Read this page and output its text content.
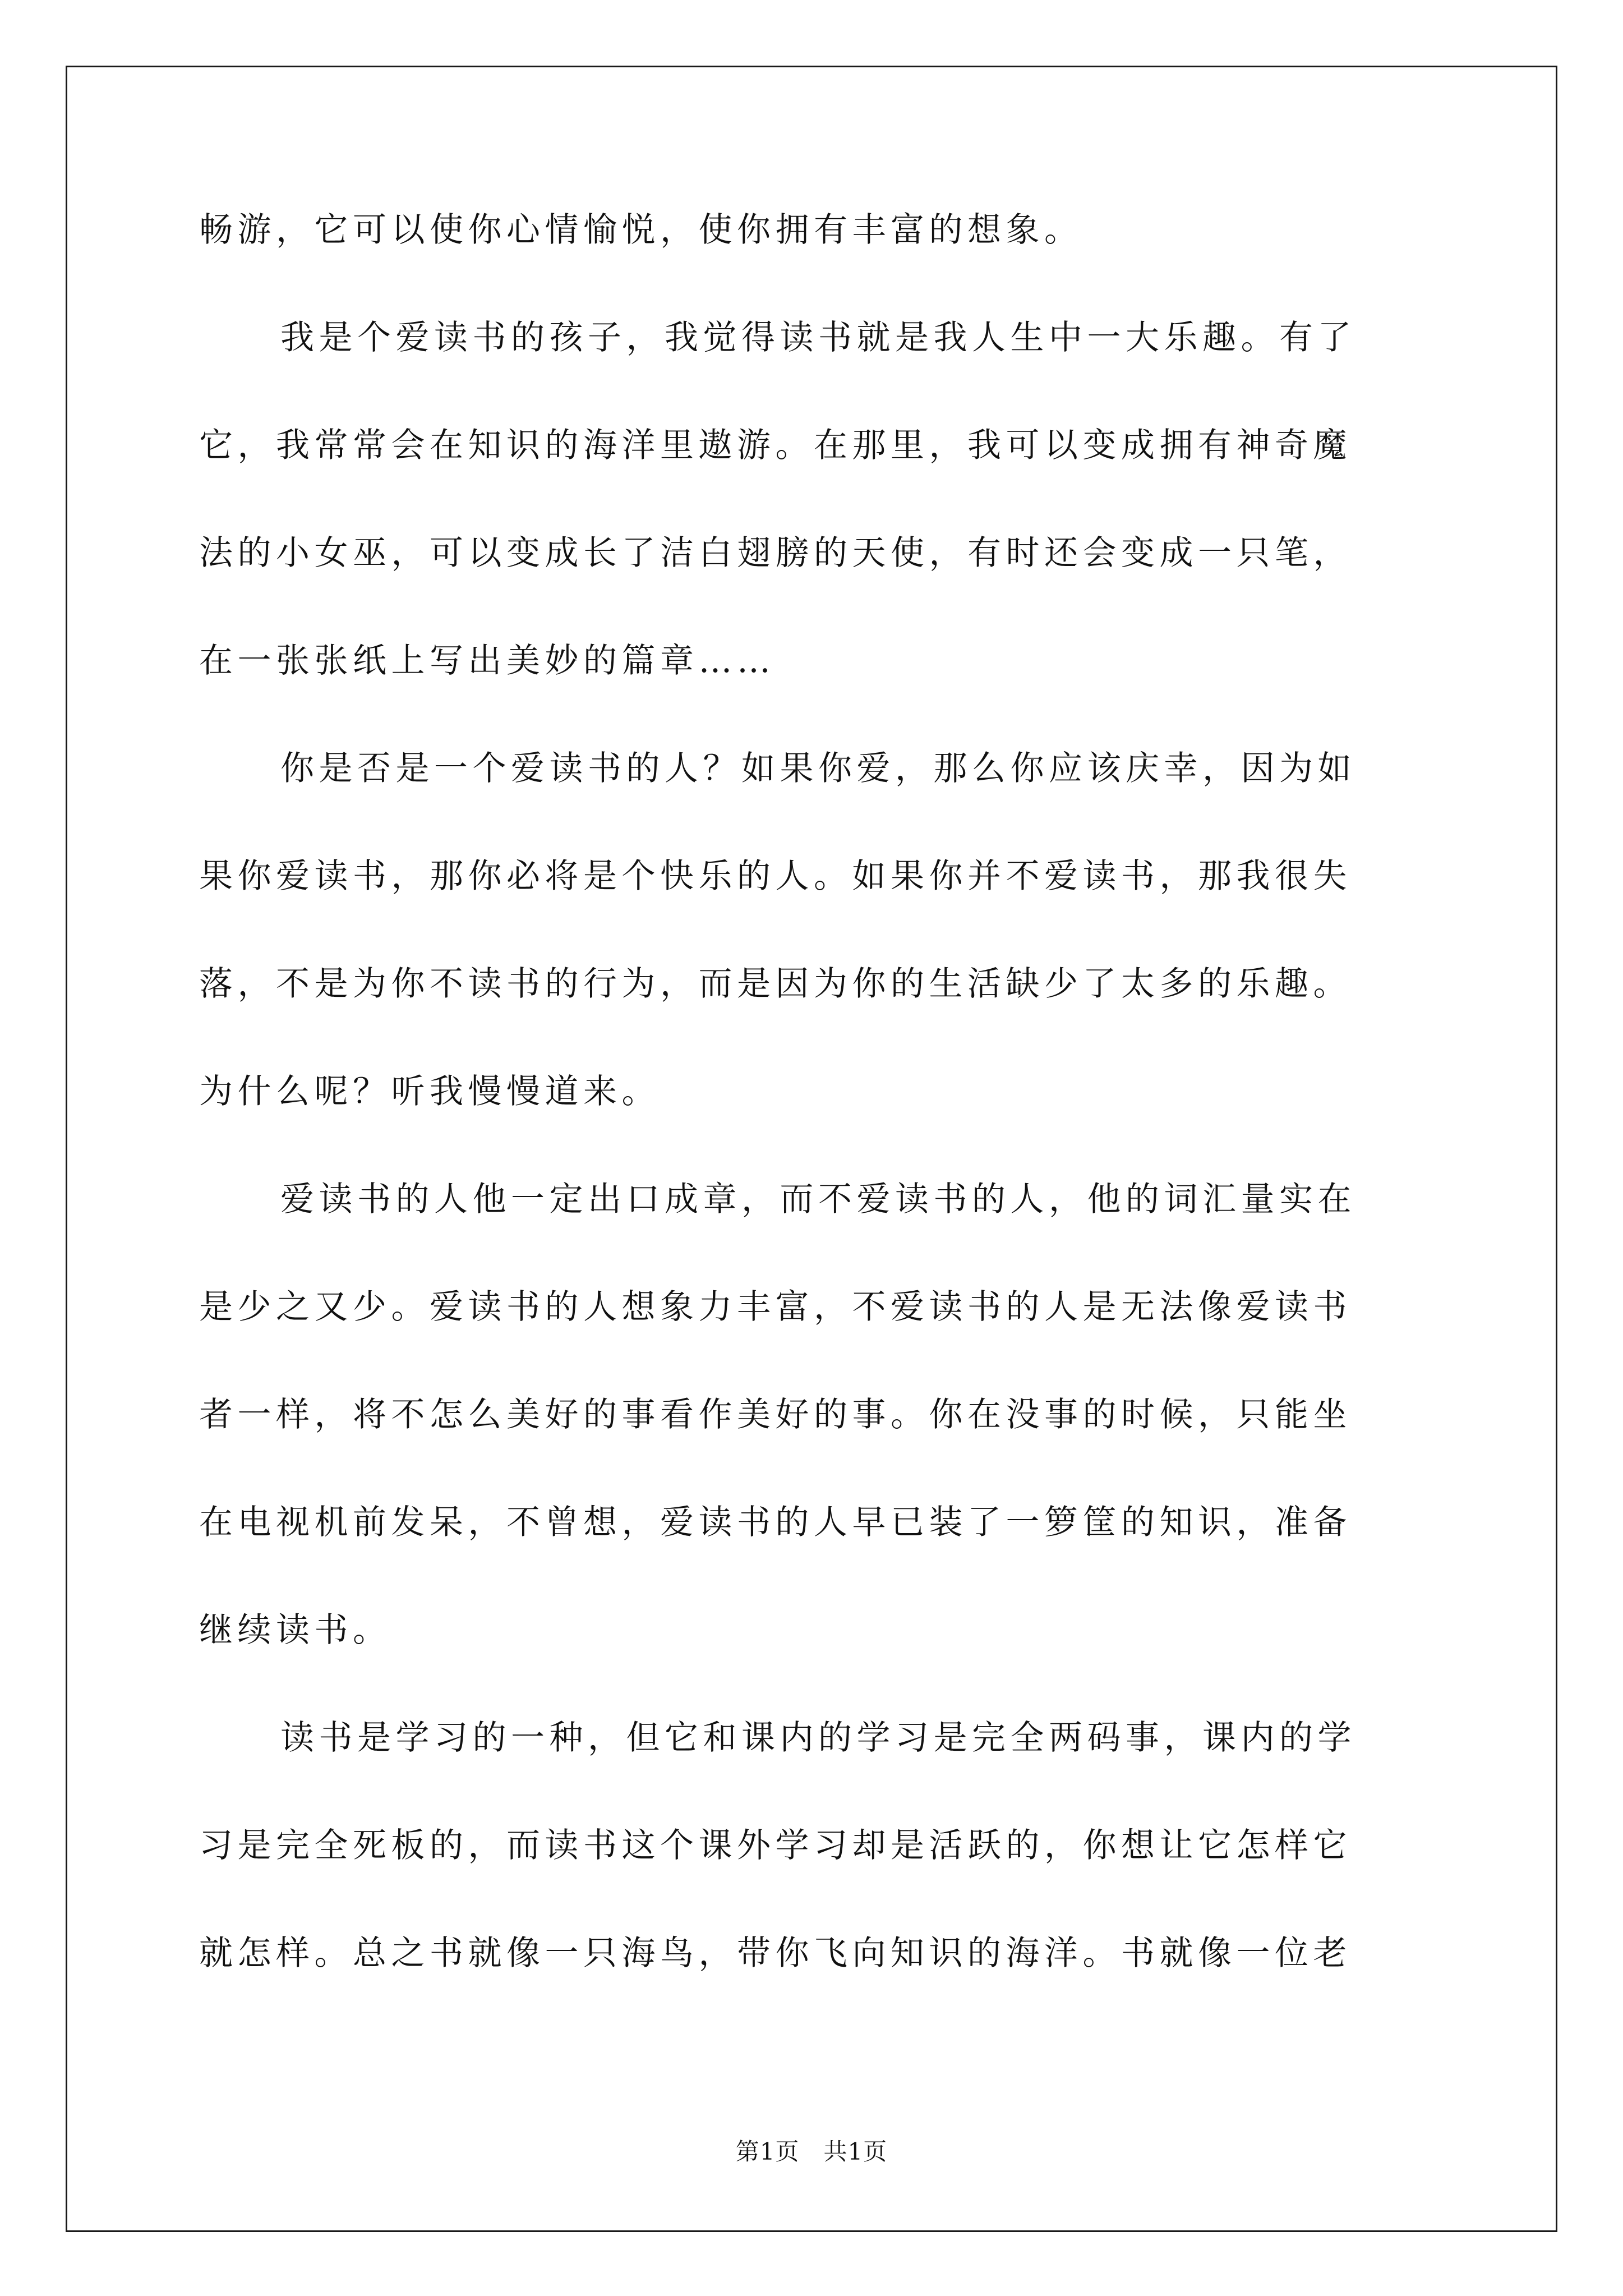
畅游，它可以使你心情愉悦，使你拥有丰富的想象。
我是个爱读书的孩子，我觉得读书就是我人生中一大乐趣。有了
它，我常常会在知识的海洋里遨游。在那里，我可以变成拥有神奇魔
法的小女巫，可以变成长了洁白翅膀的天使，有时还会变成一只笔，
在一张张纸上写出美妙的篇章……
你是否是一个爱读书的人？如果你爱，那么你应该庆幸，因为如
果你爱读书，那你必将是个快乐的人。如果你并不爱读书，那我很失
落，不是为你不读书的行为，而是因为你的生活缺少了太多的乐趣。
为什么呢？听我慢慢道来。
爱读书的人他一定出口成章，而不爱读书的人，他的词汇量实在
是少之又少。爱读书的人想象力丰富，不爱读书的人是无法像爱读书
者一样，将不怎么美好的事看作美好的事。你在没事的时候，只能坐
在电视机前发呆，不曾想，爱读书的人早已装了一箩筐的知识，准备
继续读书。
读书是学习的一种，但它和课内的学习是完全两码事，课内的学
习是完全死板的，而读书这个课外学习却是活跃的，你想让它怎样它
就怎样。总之书就像一只海鸟，带你飞向知识的海洋。书就像一位老
第1页　共1页
